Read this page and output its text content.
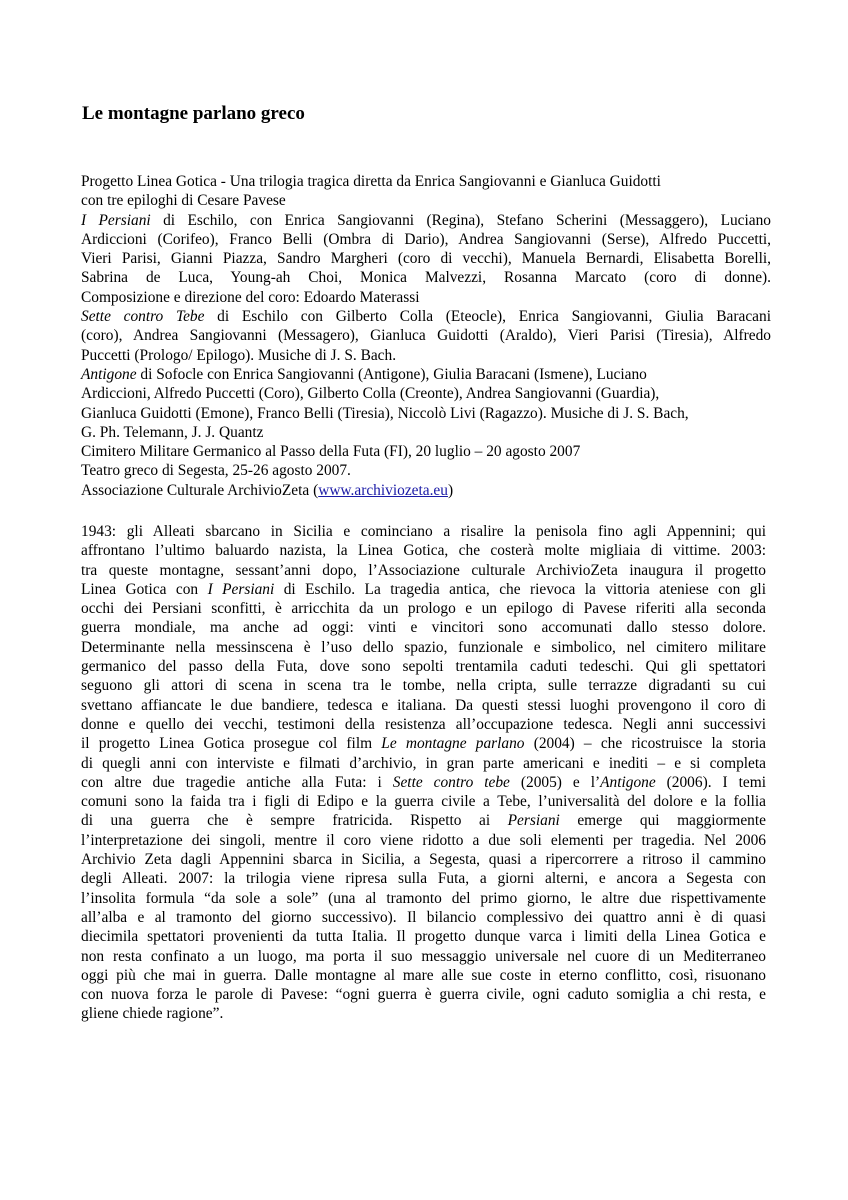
Le montagne parlano greco
Progetto Linea Gotica - Una trilogia tragica diretta da Enrica Sangiovanni e Gianluca Guidotti
con tre epiloghi di Cesare Pavese
I Persiani di Eschilo, con Enrica Sangiovanni (Regina), Stefano Scherini (Messaggero), Luciano
Ardiccioni (Corifeo), Franco Belli (Ombra di Dario), Andrea Sangiovanni (Serse), Alfredo Puccetti,
Vieri Parisi, Gianni Piazza, Sandro Margheri (coro di vecchi), Manuela Bernardi, Elisabetta Borelli,
Sabrina de Luca, Young-ah Choi, Monica Malvezzi, Rosanna Marcato (coro di donne).
Composizione e direzione del coro: Edoardo Materassi
Sette contro Tebe di Eschilo con Gilberto Colla (Eteocle), Enrica Sangiovanni, Giulia Baracani
(coro), Andrea Sangiovanni (Messagero), Gianluca Guidotti (Araldo), Vieri Parisi (Tiresia), Alfredo
Puccetti (Prologo/ Epilogo). Musiche di J. S. Bach.
Antigone di Sofocle con Enrica Sangiovanni (Antigone), Giulia Baracani (Ismene), Luciano
Ardiccioni, Alfredo Puccetti (Coro), Gilberto Colla (Creonte), Andrea Sangiovanni (Guardia),
Gianluca Guidotti (Emone), Franco Belli (Tiresia), Niccolò Livi (Ragazzo). Musiche di J. S. Bach,
G. Ph. Telemann, J. J. Quantz
Cimitero Militare Germanico al Passo della Futa (FI), 20 luglio – 20 agosto 2007
Teatro greco di Segesta, 25-26 agosto 2007.
Associazione Culturale ArchivioZeta (www.archiviozeta.eu)
1943: gli Alleati sbarcano in Sicilia e cominciano a risalire la penisola fino agli Appennini; qui
affrontano l’ultimo baluardo nazista, la Linea Gotica, che costerà molte migliaia di vittime. 2003:
tra queste montagne, sessant’anni dopo, l’Associazione culturale ArchivioZeta inaugura il progetto
Linea Gotica con I Persiani di Eschilo. La tragedia antica, che rievoca la vittoria ateniese con gli
occhi dei Persiani sconfitti, è arricchita da un prologo e un epilogo di Pavese riferiti alla seconda
guerra mondiale, ma anche ad oggi: vinti e vincitori sono accomunati dallo stesso dolore.
Determinante nella messinscena è l’uso dello spazio, funzionale e simbolico, nel cimitero militare
germanico del passo della Futa, dove sono sepolti trentamila caduti tedeschi. Qui gli spettatori
seguono gli attori di scena in scena tra le tombe, nella cripta, sulle terrazze digradanti su cui
svettano affiancate le due bandiere, tedesca e italiana. Da questi stessi luoghi provengono il coro di
donne e quello dei vecchi, testimoni della resistenza all’occupazione tedesca. Negli anni successivi
il progetto Linea Gotica prosegue col film Le montagne parlano (2004) – che ricostruisce la storia
di quegli anni con interviste e filmati d’archivio, in gran parte americani e inediti – e si completa
con altre due tragedie antiche alla Futa: i Sette contro tebe (2005) e l’Antigone (2006). I temi
comuni sono la faida tra i figli di Edipo e la guerra civile a Tebe, l’universalità del dolore e la follia
di una guerra che è sempre fratricida. Rispetto ai Persiani emerge qui maggiormente
l’interpretazione dei singoli, mentre il coro viene ridotto a due soli elementi per tragedia. Nel 2006
Archivio Zeta dagli Appennini sbarca in Sicilia, a Segesta, quasi a ripercorrere a ritroso il cammino
degli Alleati. 2007: la trilogia viene ripresa sulla Futa, a giorni alterni, e ancora a Segesta con
l’insolita formula “da sole a sole” (una al tramonto del primo giorno, le altre due rispettivamente
all’alba e al tramonto del giorno successivo). Il bilancio complessivo dei quattro anni è di quasi
diecimila spettatori provenienti da tutta Italia. Il progetto dunque varca i limiti della Linea Gotica e
non resta confinato a un luogo, ma porta il suo messaggio universale nel cuore di un Mediterraneo
oggi più che mai in guerra. Dalle montagne al mare alle sue coste in eterno conflitto, così, risuonano
con nuova forza le parole di Pavese: “ogni guerra è guerra civile, ogni caduto somiglia a chi resta, e
gliene chiede ragione”.
